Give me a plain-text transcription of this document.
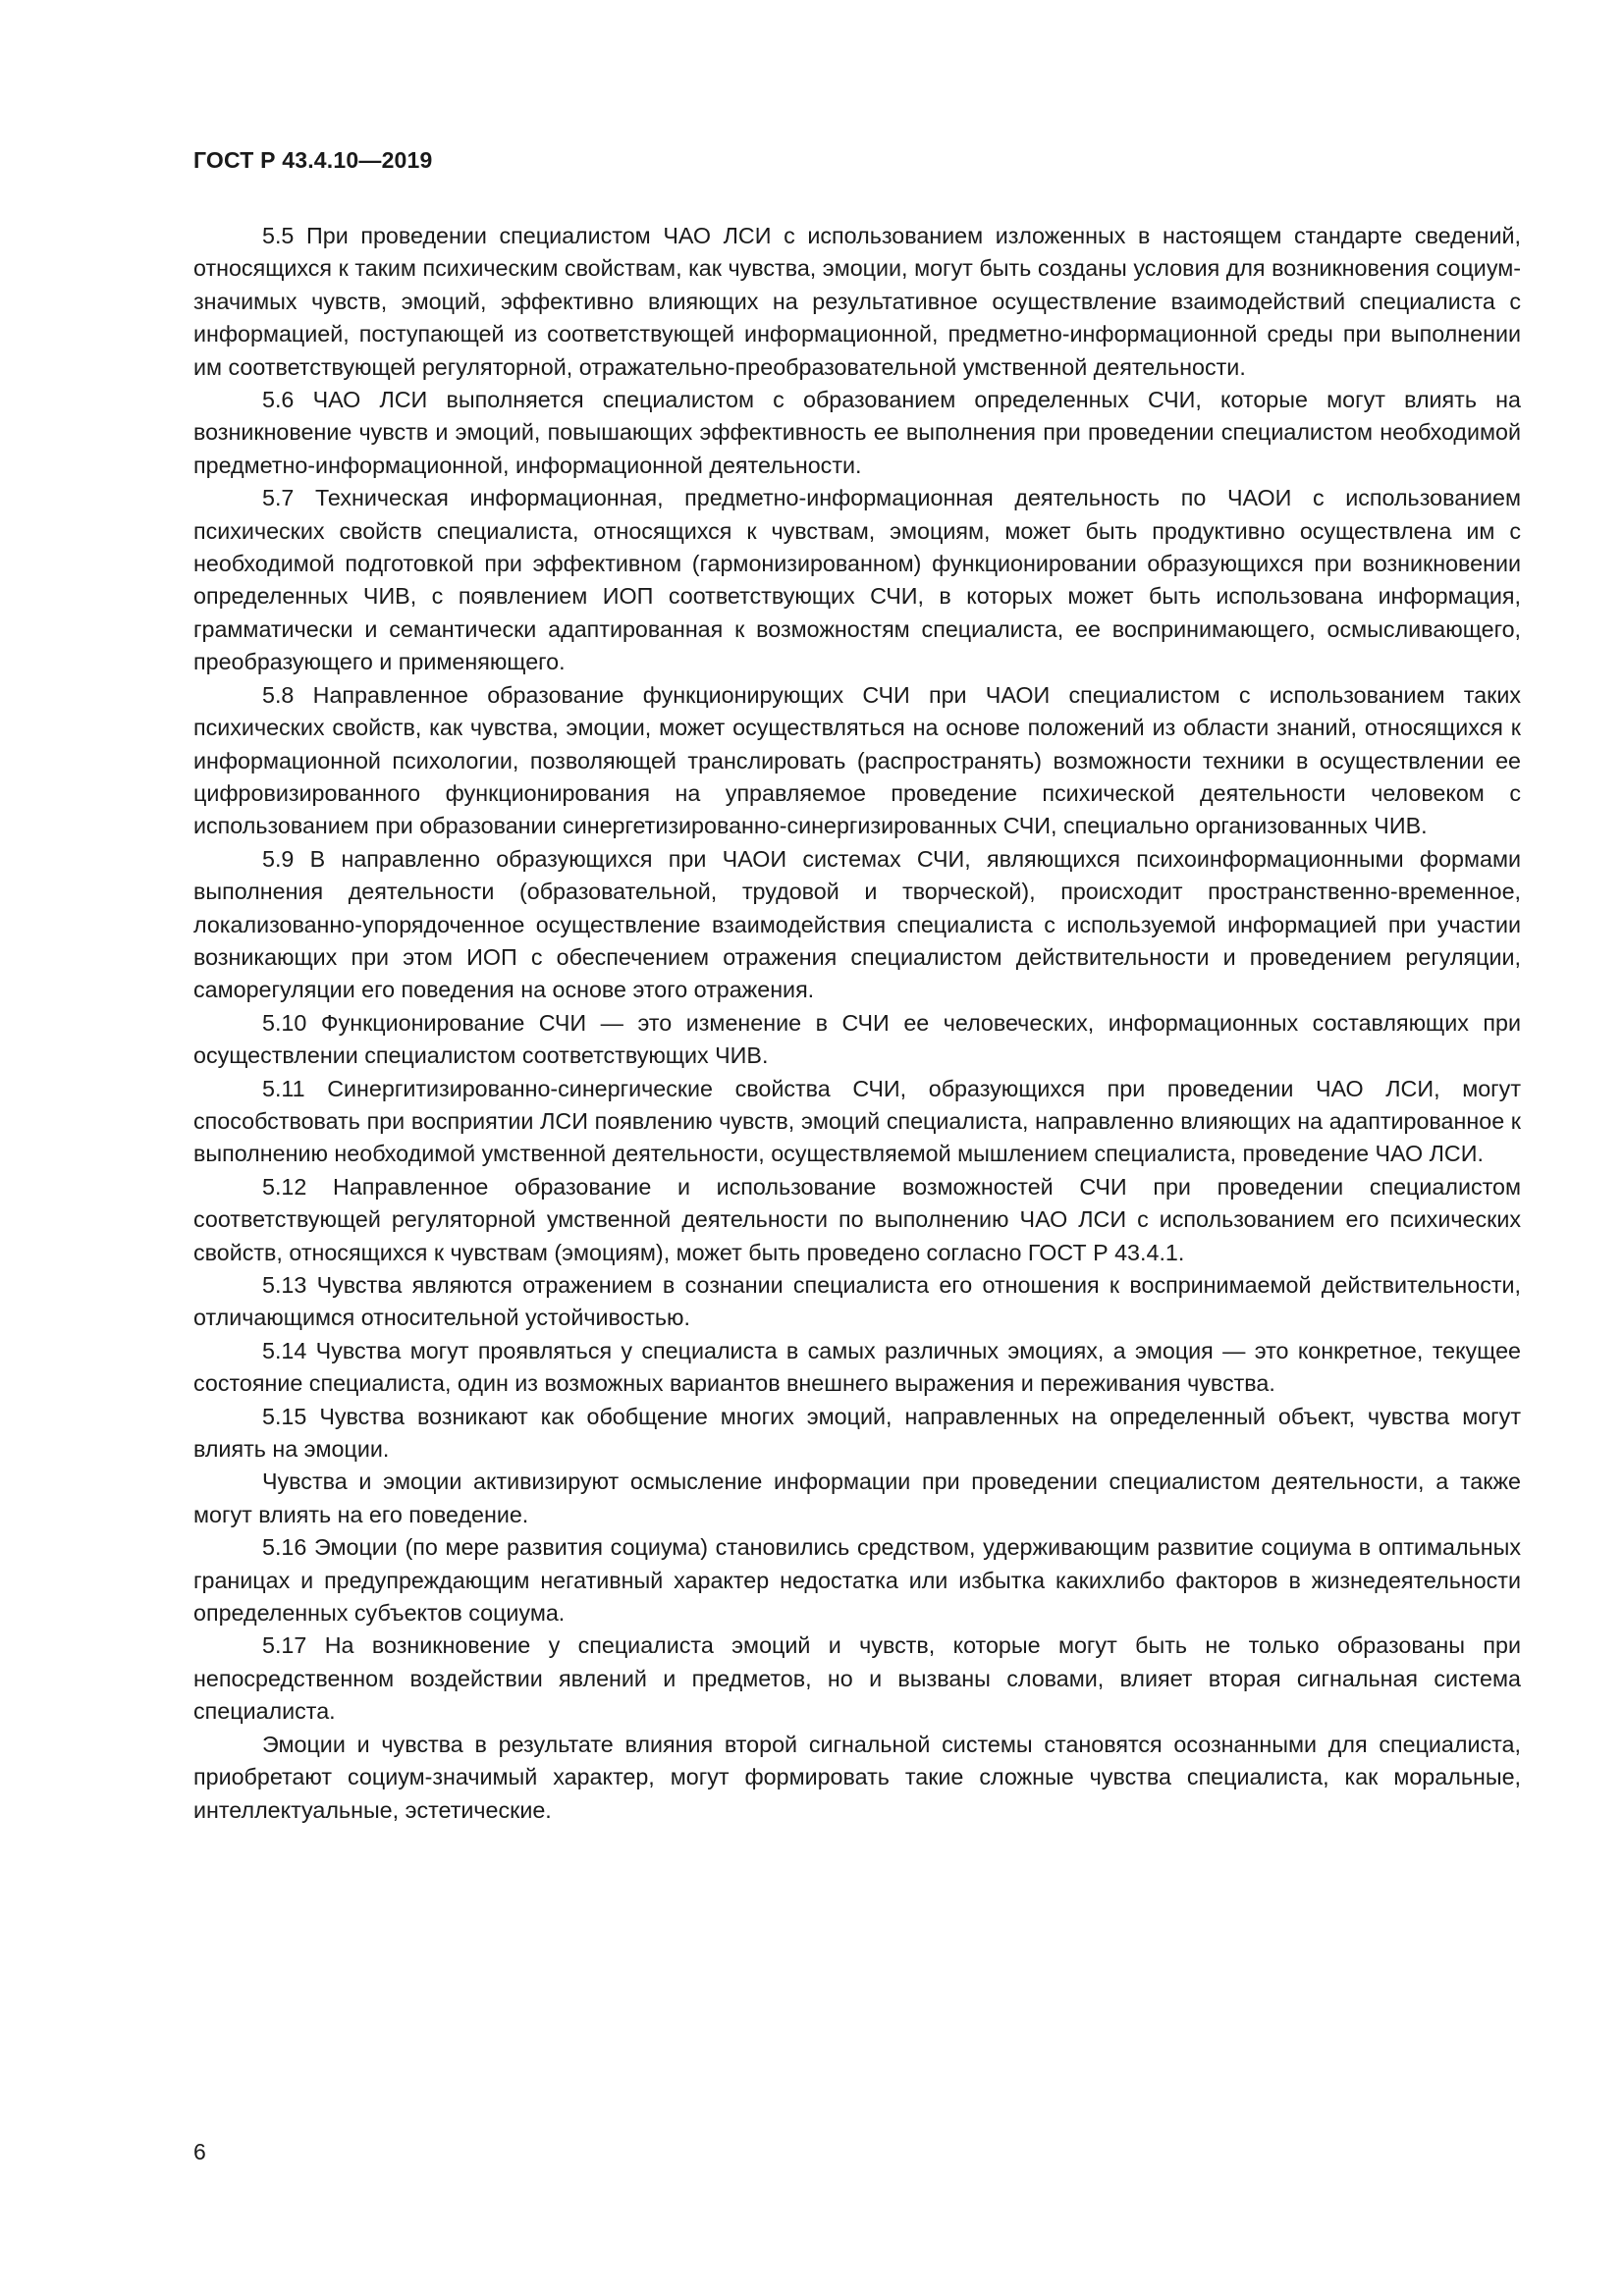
ГОСТ Р 43.4.10—2019

5.5 При проведении специалистом ЧАО ЛСИ с использованием изложенных в настоящем стандарте сведений, относящихся к таким психическим свойствам, как чувства, эмоции, могут быть созданы условия для возникновения социум-значимых чувств, эмоций, эффективно влияющих на результативное осуществление взаимодействий специалиста с информацией, поступающей из соответствующей информационной, предметно-информационной среды при выполнении им соответствующей регуляторной, отражательно-преобразовательной умственной деятельности.

5.6 ЧАО ЛСИ выполняется специалистом с образованием определенных СЧИ, которые могут влиять на возникновение чувств и эмоций, повышающих эффективность ее выполнения при проведении специалистом необходимой предметно-информационной, информационной деятельности.

5.7 Техническая информационная, предметно-информационная деятельность по ЧАОИ с использованием психических свойств специалиста, относящихся к чувствам, эмоциям, может быть продуктивно осуществлена им с необходимой подготовкой при эффективном (гармонизированном) функционировании образующихся при возникновении определенных ЧИВ, с появлением ИОП соответствующих СЧИ, в которых может быть использована информация, грамматически и семантически адаптированная к возможностям специалиста, ее воспринимающего, осмысливающего, преобразующего и применяющего.

5.8 Направленное образование функционирующих СЧИ при ЧАОИ специалистом с использованием таких психических свойств, как чувства, эмоции, может осуществляться на основе положений из области знаний, относящихся к информационной психологии, позволяющей транслировать (распространять) возможности техники в осуществлении ее цифровизированного функционирования на управляемое проведение психической деятельности человеком с использованием при образовании синергетизированно-синергизированных СЧИ, специально организованных ЧИВ.

5.9 В направленно образующихся при ЧАОИ системах СЧИ, являющихся психоинформационными формами выполнения деятельности (образовательной, трудовой и творческой), происходит пространственно-временное, локализованно-упорядоченное осуществление взаимодействия специалиста с используемой информацией при участии возникающих при этом ИОП с обеспечением отражения специалистом действительности и проведением регуляции, саморегуляции его поведения на основе этого отражения.

5.10 Функционирование СЧИ — это изменение в СЧИ ее человеческих, информационных составляющих при осуществлении специалистом соответствующих ЧИВ.

5.11 Синергитизированно-синергические свойства СЧИ, образующихся при проведении ЧАО ЛСИ, могут способствовать при восприятии ЛСИ появлению чувств, эмоций специалиста, направленно влияющих на адаптированное к выполнению необходимой умственной деятельности, осуществляемой мышлением специалиста, проведение ЧАО ЛСИ.

5.12 Направленное образование и использование возможностей СЧИ при проведении специалистом соответствующей регуляторной умственной деятельности по выполнению ЧАО ЛСИ с использованием его психических свойств, относящихся к чувствам (эмоциям), может быть проведено согласно ГОСТ Р 43.4.1.

5.13 Чувства являются отражением в сознании специалиста его отношения к воспринимаемой действительности, отличающимся относительной устойчивостью.

5.14 Чувства могут проявляться у специалиста в самых различных эмоциях, а эмоция — это конкретное, текущее состояние специалиста, один из возможных вариантов внешнего выражения и переживания чувства.

5.15 Чувства возникают как обобщение многих эмоций, направленных на определенный объект, чувства могут влиять на эмоции.

Чувства и эмоции активизируют осмысление информации при проведении специалистом деятельности, а также могут влиять на его поведение.

5.16 Эмоции (по мере развития социума) становились средством, удерживающим развитие социума в оптимальных границах и предупреждающим негативный характер недостатка или избытка какихлибо факторов в жизнедеятельности определенных субъектов социума.

5.17 На возникновение у специалиста эмоций и чувств, которые могут быть не только образованы при непосредственном воздействии явлений и предметов, но и вызваны словами, влияет вторая сигнальная система специалиста.

Эмоции и чувства в результате влияния второй сигнальной системы становятся осознанными для специалиста, приобретают социум-значимый характер, могут формировать такие сложные чувства специалиста, как моральные, интеллектуальные, эстетические.

6
